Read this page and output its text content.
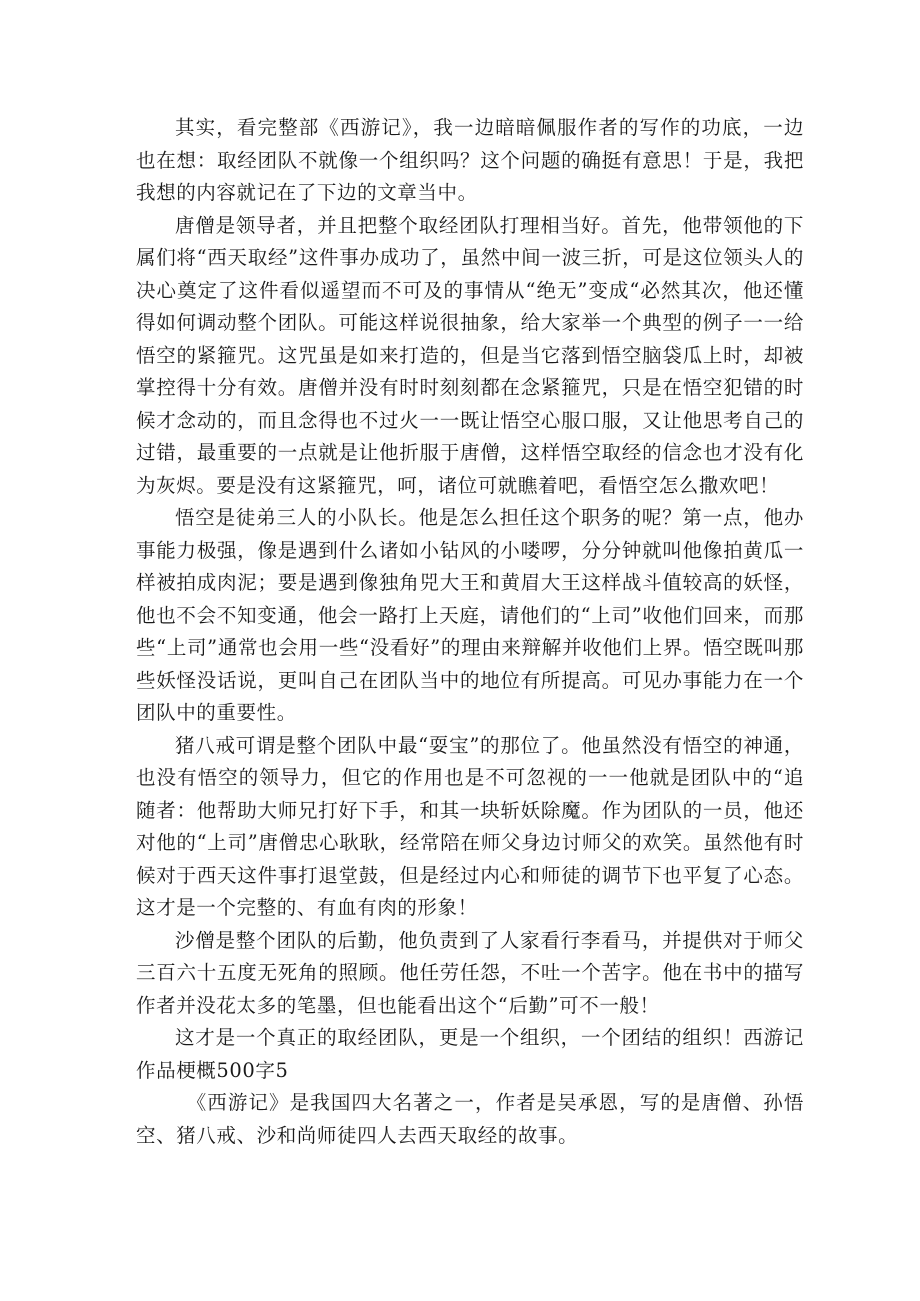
其实，看完整部《西游记》，我一边暗暗佩服作者的写作的功底，一边也在想：取经团队不就像一个组织吗？这个问题的确挺有意思！于是，我把我想的内容就记在了下边的文章当中。

唐僧是领导者，并且把整个取经团队打理相当好。首先，他带领他的下属们将“西天取经”这件事办成功了，虽然中间一波三折，可是这位领头人的决心奠定了这件看似遥望而不可及的事情从“绝无”变成“必然其次，他还懂得如何调动整个团队。可能这样说很抽象，给大家举一个典型的例子一一给悟空的紧箍咒。这咒虽是如来打造的，但是当它落到悟空脑袋瓜上时，却被掌控得十分有效。唐僧并没有时时刻刻都在念紧箍咒，只是在悟空犯错的时候才念动的，而且念得也不过火一一既让悟空心服口服，又让他思考自己的过错，最重要的一点就是让他折服于唐僧，这样悟空取经的信念也才没有化为灰烬。要是没有这紧箍咒，呵，诸位可就瞧着吧，看悟空怎么撒欢吧！

悟空是徒弟三人的小队长。他是怎么担任这个职务的呢？第一点，他办事能力极强，像是遇到什么诸如小钻风的小喽啰，分分钟就叫他像拍黄瓜一样被拍成肉泥；要是遇到像独角兕大王和黄眉大王这样战斗值较高的妖怪，他也不会不知变通，他会一路打上天庭，请他们的“上司”收他们回来，而那些“上司”通常也会用一些“没看好”的理由来辩解并收他们上界。悟空既叫那些妖怪没话说，更叫自己在团队当中的地位有所提高。可见办事能力在一个团队中的重要性。

猪八戒可谓是整个团队中最“耍宝”的那位了。他虽然没有悟空的神通，也没有悟空的领导力，但它的作用也是不可忽视的一一他就是团队中的“追随者：他帮助大师兄打好下手，和其一块斩妖除魔。作为团队的一员，他还对他的“上司”唐僧忠心耿耿，经常陪在师父身边讨师父的欢笑。虽然他有时候对于西天这件事打退堂鼓，但是经过内心和师徒的调节下也平复了心态。这才是一个完整的、有血有肉的形象！

沙僧是整个团队的后勤，他负责到了人家看行李看马，并提供对于师父三百六十五度无死角的照顾。他任劳任怨，不吐一个苦字。他在书中的描写作者并没花太多的笔墨，但也能看出这个“后勤”可不一般！

这才是一个真正的取经团队，更是一个组织，一个团结的组织！西游记作品梗概500字5

《西游记》是我国四大名著之一，作者是吴承恩，写的是唐僧、孙悟空、猪八戒、沙和尚师徒四人去西天取经的故事。
